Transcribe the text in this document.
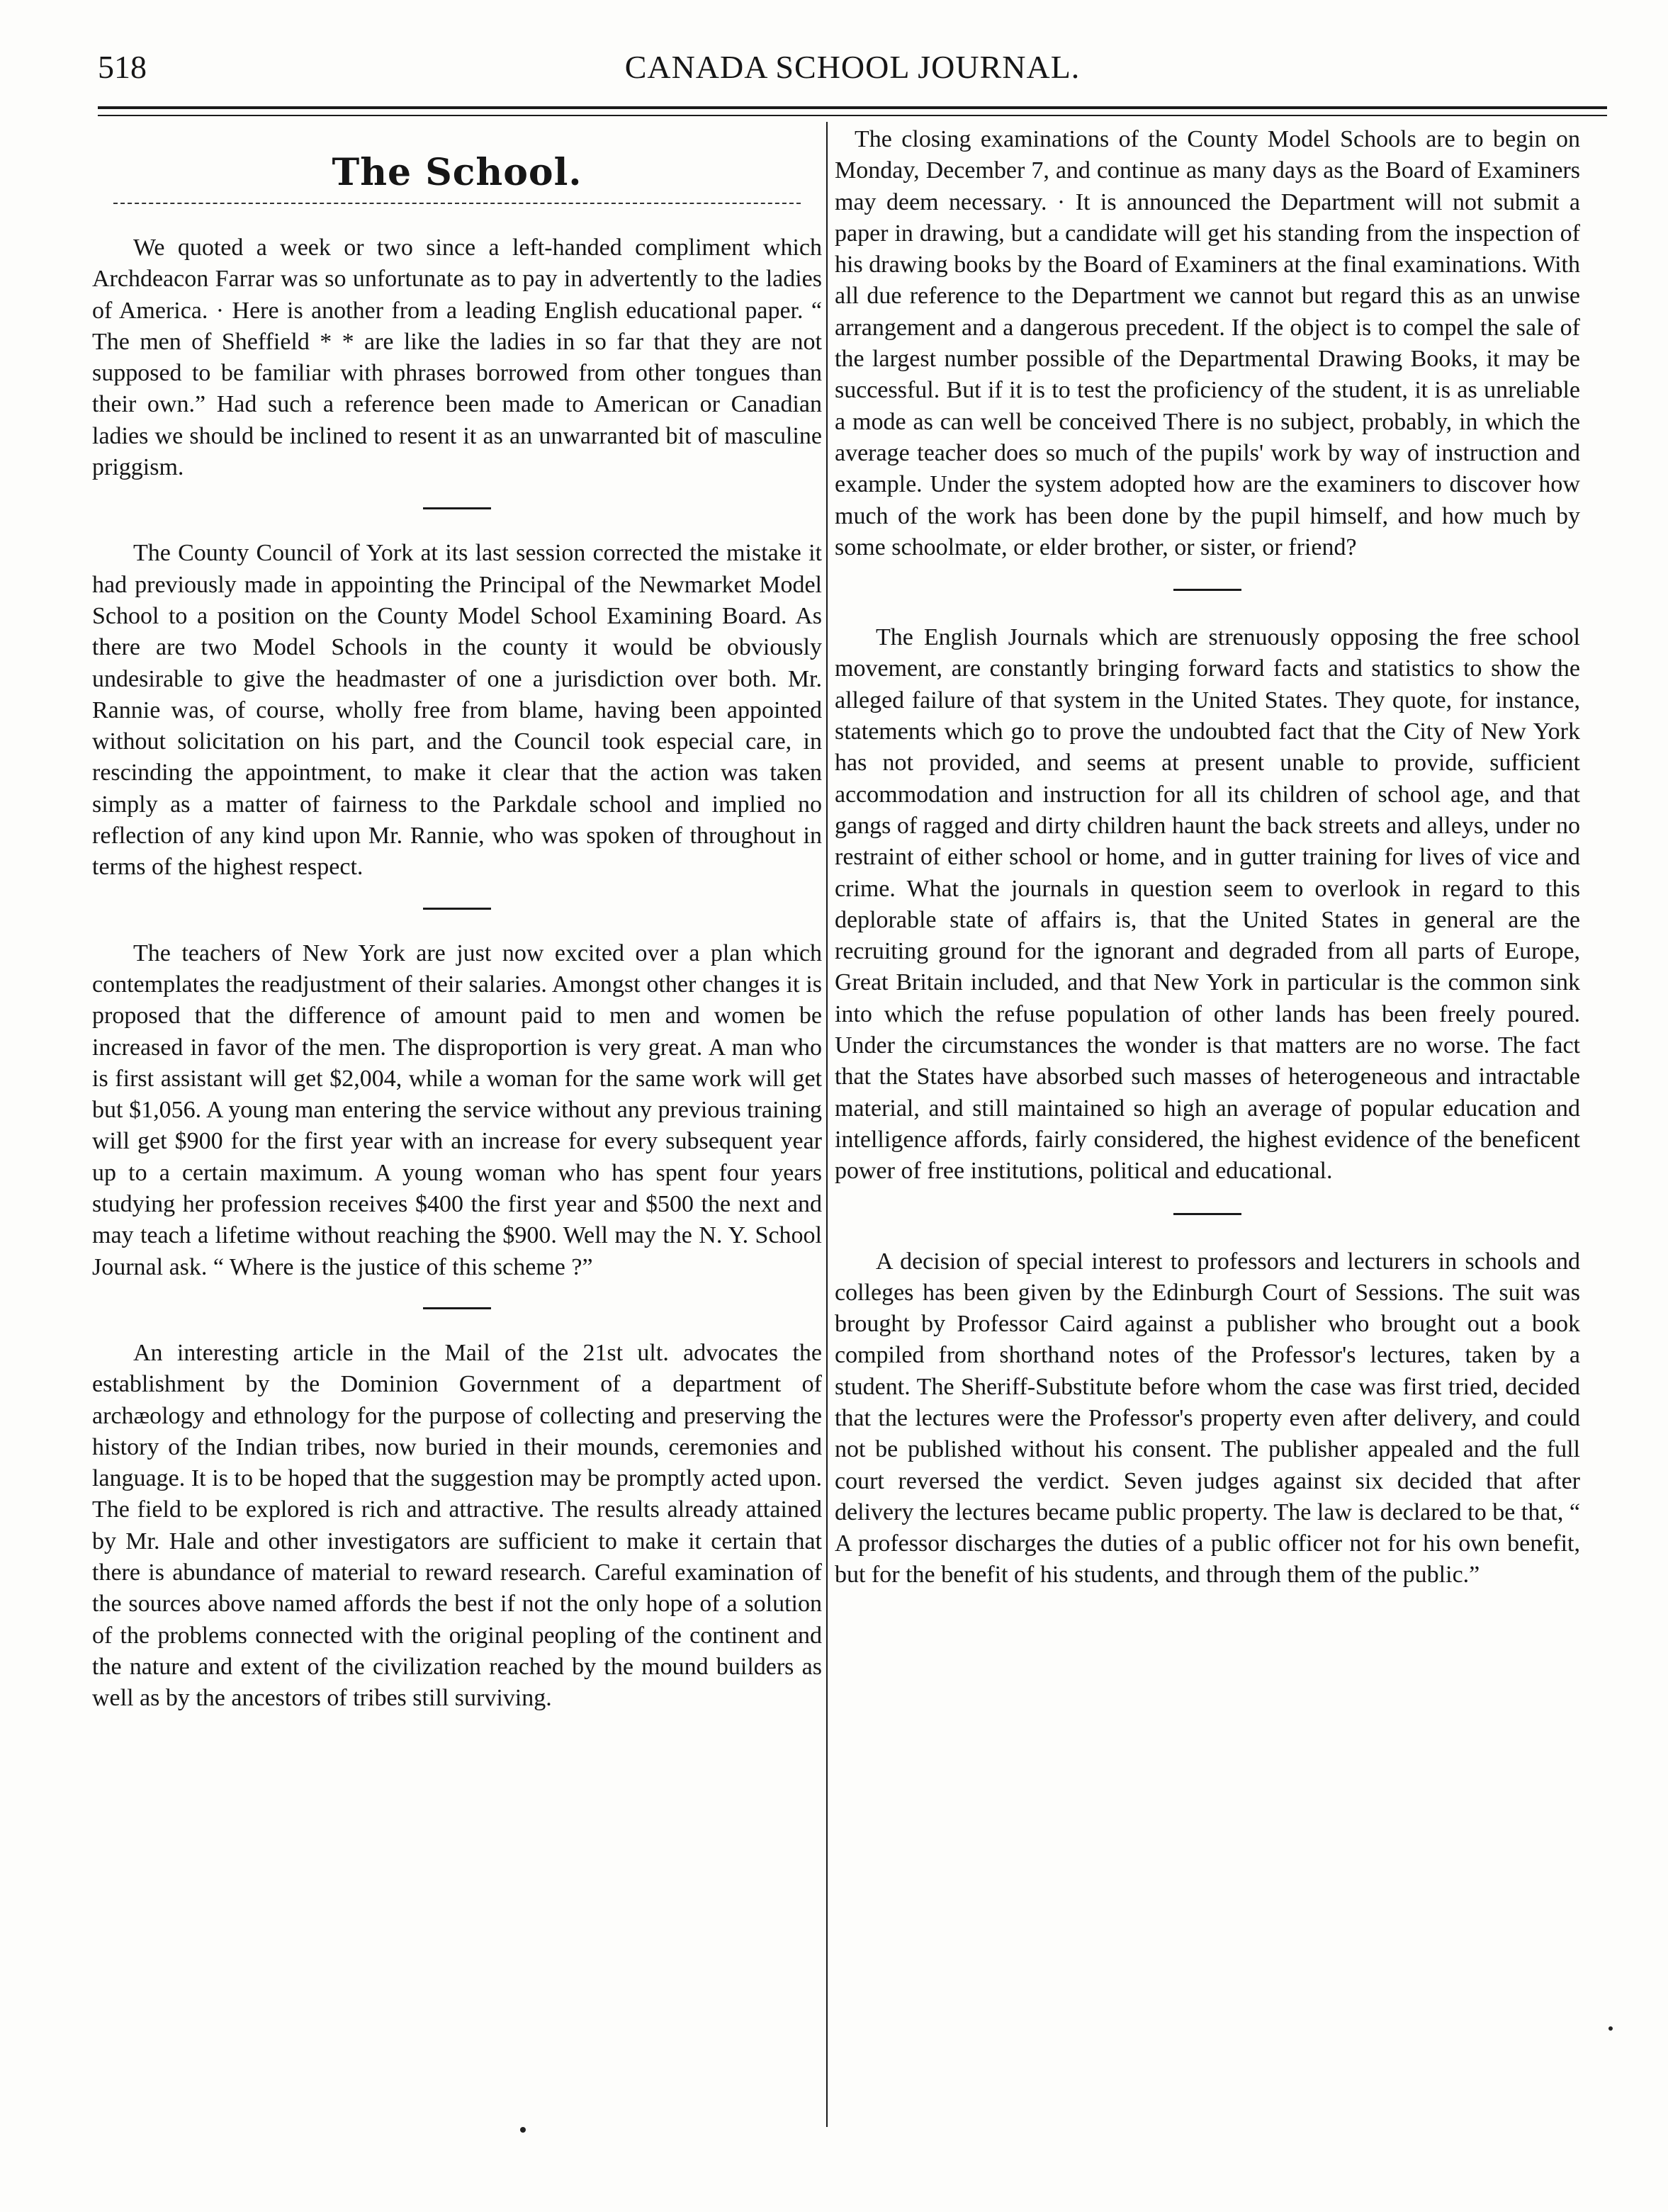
518	CANADA SCHOOL JOURNAL.
The School.

We quoted a week or two since a left-handed compliment which Archdeacon Farrar was so unfortunate as to pay in advertently to the ladies of America. · Here is another from a leading English educational paper. “ The men of Sheffield * * are like the ladies in so far that they are not supposed to be familiar with phrases borrowed from other tongues than their own.” Had such a reference been made to American or Canadian ladies we should be inclined to resent it as an unwarranted bit of masculine priggism.

The County Council of York at its last session corrected the mistake it had previously made in appointing the Principal of the Newmarket Model School to a position on the County Model School Examining Board. As there are two Model Schools in the county it would be obviously undesirable to give the headmaster of one a jurisdiction over both. Mr. Rannie was, of course, wholly free from blame, having been appointed without solicitation on his part, and the Council took especial care, in rescinding the appointment, to make it clear that the action was taken simply as a matter of fairness to the Parkdale school and implied no reflection of any kind upon Mr. Rannie, who was spoken of throughout in terms of the highest respect.

The teachers of New York are just now excited over a plan which contemplates the readjustment of their salaries. Amongst other changes it is proposed that the difference of amount paid to men and women be increased in favor of the men. The disproportion is very great. A man who is first assistant will get $2,004, while a woman for the same work will get but $1,056. A young man entering the service without any previous training will get $900 for the first year with an increase for every subsequent year up to a certain maximum. A young woman who has spent four years studying her profession receives $400 the first year and $500 the next and may teach a lifetime without reaching the $900. Well may the N. Y. School Journal ask. “ Where is the justice of this scheme ?”

An interesting article in the Mail of the 21st ult. advocates the establishment by the Dominion Government of a department of archæology and ethnology for the purpose of collecting and preserving the history of the Indian tribes, now buried in their mounds, ceremonies and language. It is to be hoped that the suggestion may be promptly acted upon. The field to be explored is rich and attractive. The results already attained by Mr. Hale and other investigators are sufficient to make it certain that there is abundance of material to reward research. Careful examination of the sources above named affords the best if not the only hope of a solution of the problems connected with the original peopling of the continent and the nature and extent of the civilization reached by the mound builders as well as by the ancestors of tribes still surviving.

The closing examinations of the County Model Schools are to begin on Monday, December 7, and continue as many days as the Board of Examiners may deem necessary. · It is announced the Department will not submit a paper in drawing, but a candidate will get his standing from the inspection of his drawing books by the Board of Examiners at the final examinations. With all due reference to the Department we cannot but regard this as an unwise arrangement and a dangerous precedent. If the object is to compel the sale of the largest number possible of the Departmental Drawing Books, it may be successful. But if it is to test the proficiency of the student, it is as unreliable a mode as can well be conceived There is no subject, probably, in which the average teacher does so much of the pupils' work by way of instruction and example. Under the system adopted how are the examiners to discover how much of the work has been done by the pupil himself, and how much by some schoolmate, or elder brother, or sister, or friend?

The English Journals which are strenuously opposing the free school movement, are constantly bringing forward facts and statistics to show the alleged failure of that system in the United States. They quote, for instance, statements which go to prove the undoubted fact that the City of New York has not provided, and seems at present unable to provide, sufficient accommodation and instruction for all its children of school age, and that gangs of ragged and dirty children haunt the back streets and alleys, under no restraint of either school or home, and in gutter training for lives of vice and crime. What the journals in question seem to overlook in regard to this deplorable state of affairs is, that the United States in general are the recruiting ground for the ignorant and degraded from all parts of Europe, Great Britain included, and that New York in particular is the common sink into which the refuse population of other lands has been freely poured. Under the circumstances the wonder is that matters are no worse. The fact that the States have absorbed such masses of heterogeneous and intractable material, and still maintained so high an average of popular education and intelligence affords, fairly considered, the highest evidence of the beneficent power of free institutions, political and educational.

A decision of special interest to professors and lecturers in schools and colleges has been given by the Edinburgh Court of Sessions. The suit was brought by Professor Caird against a publisher who brought out a book compiled from shorthand notes of the Professor's lectures, taken by a student. The Sheriff-Substitute before whom the case was first tried, decided that the lectures were the Professor's property even after delivery, and could not be published without his consent. The publisher appealed and the full court reversed the verdict. Seven judges against six decided that after delivery the lectures became public property. The law is declared to be that, “ A professor discharges the duties of a public officer not for his own benefit, but for the benefit of his students, and through them of the public.”
